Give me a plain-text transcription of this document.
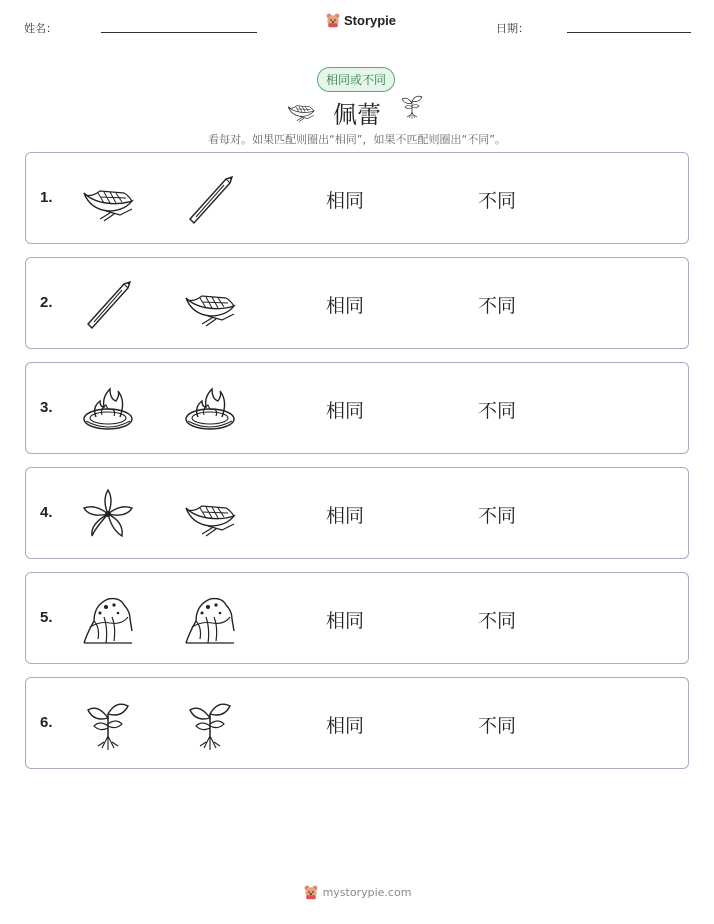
姓名：
Storypie
日期：
相同或不同
佩蕾
看每对。如果匹配则圈出“相同”，如果不匹配则圈出“不同”。
1.	相同	不同
2.	相同	不同
3.	相同	不同
4.	相同	不同
5.	相同	不同
6.	相同	不同
mystorypie.com
